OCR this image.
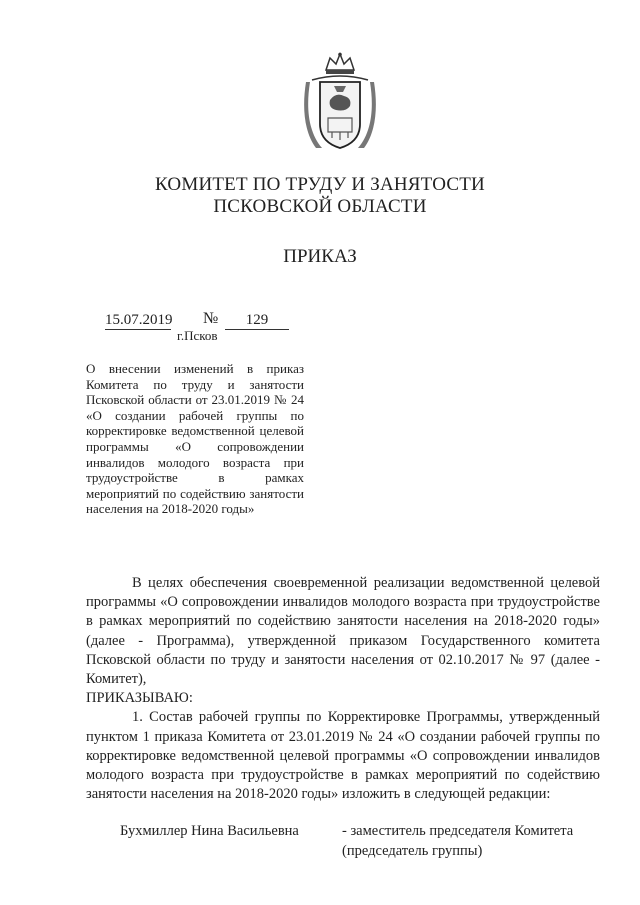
КОМИТЕТ ПО ТРУДУ И ЗАНЯТОСТИ
ПСКОВСКОЙ ОБЛАСТИ
ПРИКАЗ
15.07.2019 №	129
г.Псков
О внесении изменений в приказ Комитета по труду и занятости Псковской области от 23.01.2019 № 24 «О создании рабочей группы по корректировке ведомственной целевой программы «О сопровождении инвалидов молодого возраста при трудоустройстве в рамках мероприятий по содействию занятости населения на 2018-2020 годы»

В целях обеспечения своевременной реализации ведомственной целевой программы «О сопровождении инвалидов молодого возраста при трудоустройстве в рамках мероприятий по содействию занятости населения на 2018-2020 годы» (далее - Программа), утвержденной приказом Государственного комитета Псковской области по труду и занятости населения от 02.10.2017 № 97 (далее - Комитет),

ПРИКАЗЫВАЮ:

1. Состав рабочей группы по Корректировке Программы, утвержденный пунктом 1 приказа Комитета от 23.01.2019 № 24 «О создании рабочей группы по корректировке ведомственной целевой программы «О сопровождении инвалидов молодого возраста при трудоустройстве в рамках мероприятий по содействию занятости населения на 2018-2020 годы» изложить в следующей редакции:

Бухмиллер Нина Васильевна	- заместитель председателя Комитета (председатель группы)
